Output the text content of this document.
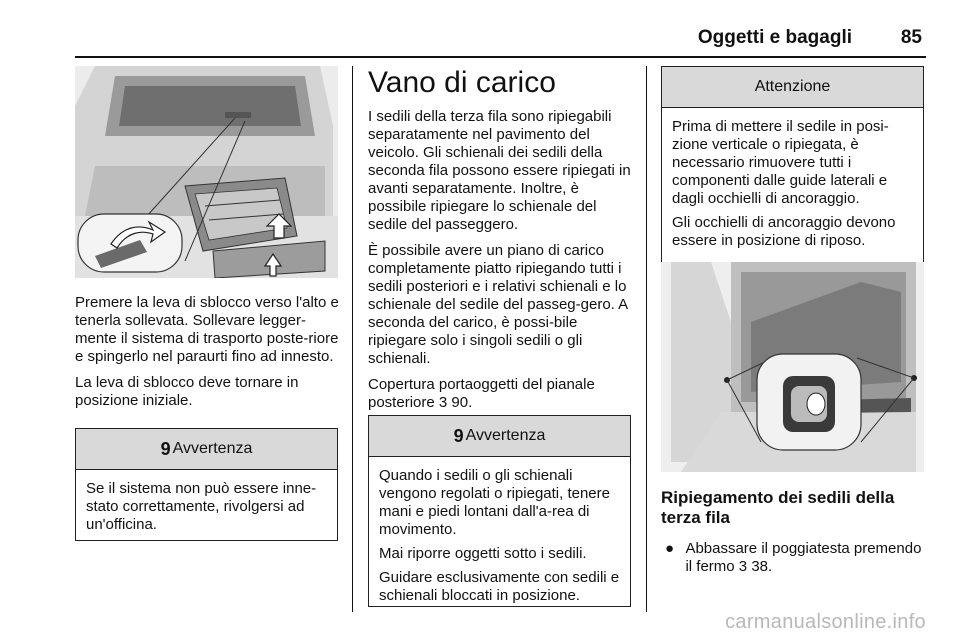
Oggetti e bagagli	85

Premere la leva di sblocco verso l'alto e tenerla sollevata. Sollevare legger-mente il sistema di trasporto poste-riore e spingerlo nel paraurti fino ad innesto.

La leva di sblocco deve tornare in posizione iniziale.

9 Avvertenza

Se il sistema non può essere inne-stato correttamente, rivolgersi ad un'officina.

Vano di carico

I sedili della terza fila sono ripiegabili separatamente nel pavimento del veicolo. Gli schienali dei sedili della seconda fila possono essere ripiegati in avanti separatamente. Inoltre, è possibile ripiegare lo schienale del sedile del passeggero.

È possibile avere un piano di carico completamente piatto ripiegando tutti i sedili posteriori e i relativi schienali e lo schienale del sedile del passeg-gero. A seconda del carico, è possi-bile ripiegare solo i singoli sedili o gli schienali.

Copertura portaoggetti del pianale posteriore 3 90.

9 Avvertenza

Quando i sedili o gli schienali vengono regolati o ripiegati, tenere mani e piedi lontani dall'a-rea di movimento.

Mai riporre oggetti sotto i sedili.

Guidare esclusivamente con sedili e schienali bloccati in posizione.

Attenzione

Prima di mettere il sedile in posi-zione verticale o ripiegata, è necessario rimuovere tutti i componenti dalle guide laterali e dagli occhielli di ancoraggio.

Gli occhielli di ancoraggio devono essere in posizione di riposo.

Ripiegamento dei sedili della terza fila
● Abbassare il poggiatesta premendo il fermo 3 38.
carmanualsonline.info
